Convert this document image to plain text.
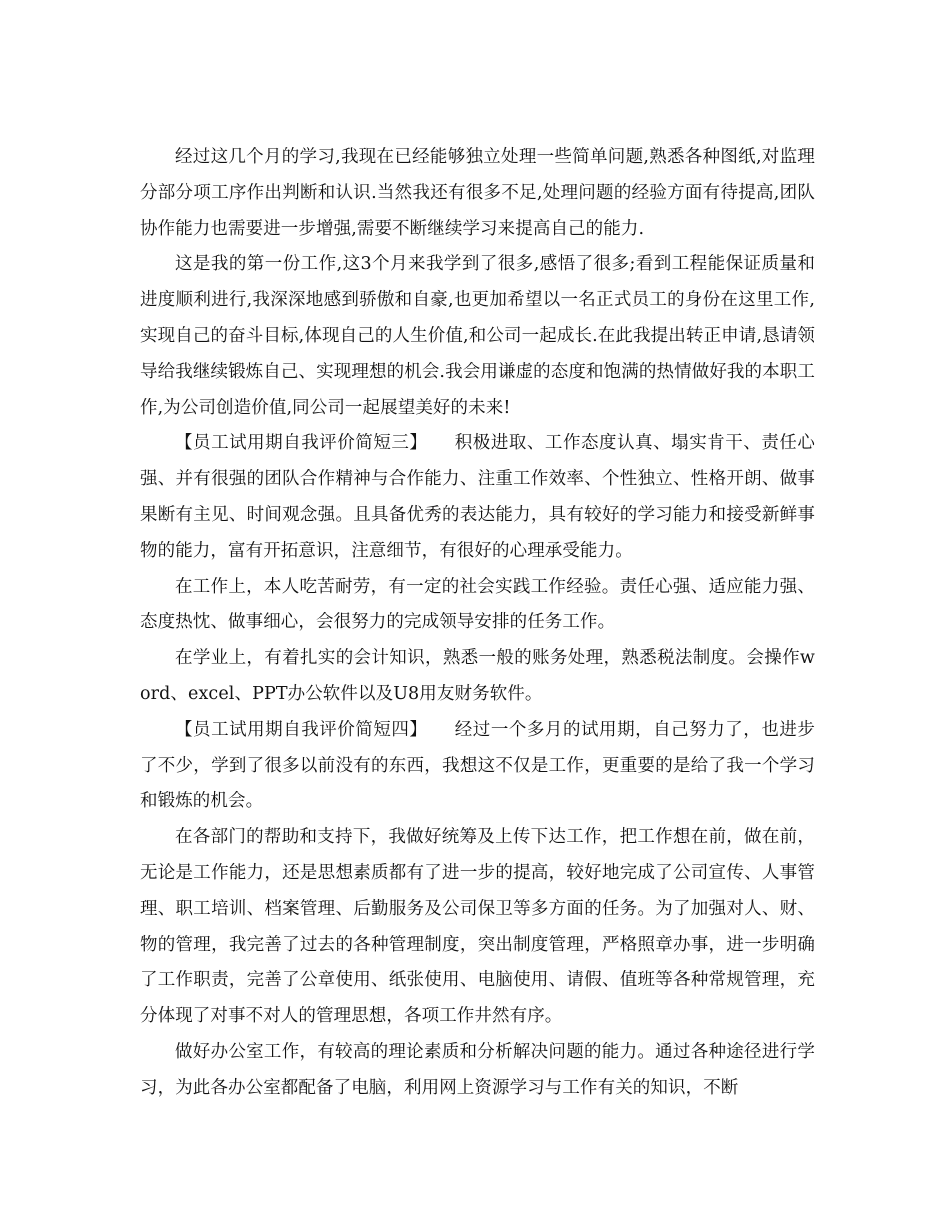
经过这几个月的学习,我现在已经能够独立处理一些简单问题,熟悉各种图纸,对监理分部分项工序作出判断和认识.当然我还有很多不足,处理问题的经验方面有待提高,团队协作能力也需要进一步增强,需要不断继续学习来提高自己的能力.

这是我的第一份工作,这3个月来我学到了很多,感悟了很多;看到工程能保证质量和进度顺利进行,我深深地感到骄傲和自豪,也更加希望以一名正式员工的身份在这里工作,实现自己的奋斗目标,体现自己的人生价值,和公司一起成长.在此我提出转正申请,恳请领导给我继续锻炼自己、实现理想的机会.我会用谦虚的态度和饱满的热情做好我的本职工作,为公司创造价值,同公司一起展望美好的未来!

【员工试用期自我评价简短三】　　积极进取、工作态度认真、塌实肯干、责任心强、并有很强的团队合作精神与合作能力、注重工作效率、个性独立、性格开朗、做事果断有主见、时间观念强。且具备优秀的表达能力，具有较好的学习能力和接受新鲜事物的能力，富有开拓意识，注意细节，有很好的心理承受能力。

在工作上，本人吃苦耐劳，有一定的社会实践工作经验。责任心强、适应能力强、态度热忱、做事细心，会很努力的完成领导安排的任务工作。

在学业上，有着扎实的会计知识，熟悉一般的账务处理，熟悉税法制度。会操作word、excel、PPT办公软件以及U8用友财务软件。

【员工试用期自我评价简短四】　　经过一个多月的试用期，自己努力了，也进步了不少，学到了很多以前没有的东西，我想这不仅是工作，更重要的是给了我一个学习和锻炼的机会。

在各部门的帮助和支持下，我做好统筹及上传下达工作，把工作想在前，做在前，无论是工作能力，还是思想素质都有了进一步的提高，较好地完成了公司宣传、人事管理、职工培训、档案管理、后勤服务及公司保卫等多方面的任务。为了加强对人、财、物的管理，我完善了过去的各种管理制度，突出制度管理，严格照章办事，进一步明确了工作职责，完善了公章使用、纸张使用、电脑使用、请假、值班等各种常规管理，充分体现了对事不对人的管理思想，各项工作井然有序。

做好办公室工作，有较高的理论素质和分析解决问题的能力。通过各种途径进行学习，为此各办公室都配备了电脑，利用网上资源学习与工作有关的知识，不断
